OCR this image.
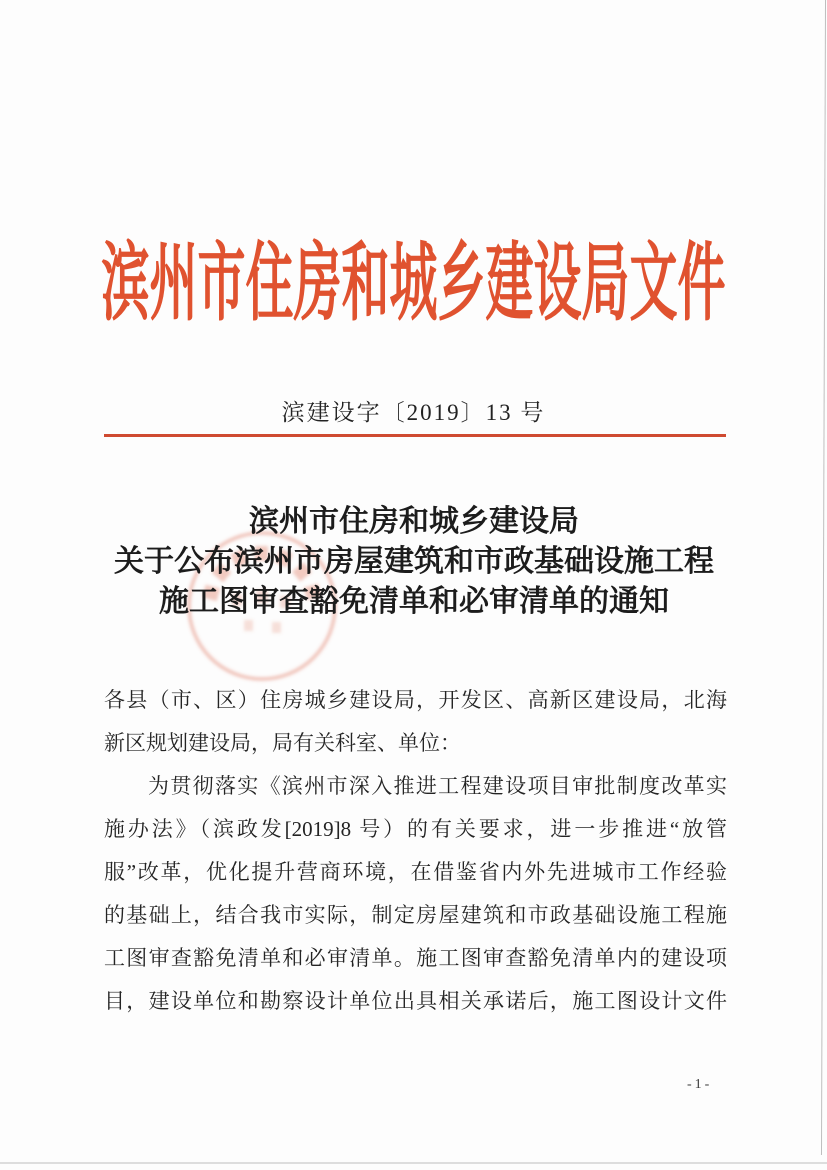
滨州市住房和城乡建设局文件
滨建设字〔2019〕13 号
滨州市住房和城乡建设局
关于公布滨州市房屋建筑和市政基础设施工程
施工图审查豁免清单和必审清单的通知
各县（市、区）住房城乡建设局，开发区、高新区建设局，北海
新区规划建设局，局有关科室、单位：
为贯彻落实《滨州市深入推进工程建设项目审批制度改革实
施办法》（滨政发[2019]8 号）的有关要求，进一步推进“放管
服”改革，优化提升营商环境，在借鉴省内外先进城市工作经验
的基础上，结合我市实际，制定房屋建筑和市政基础设施工程施
工图审查豁免清单和必审清单。施工图审查豁免清单内的建设项
目，建设单位和勘察设计单位出具相关承诺后，施工图设计文件
-1-
